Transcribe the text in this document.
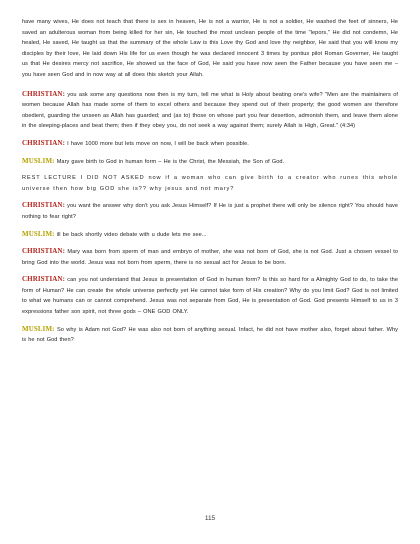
have many wives, He does not teach that there is sex in heaven, He is not a warrior, He is not a soldier, He washed the feet of sinners, He saved an adulterous woman from being killed for her sin, He touched the most unclean people of the time "lepors," He did not condemn, He healed, He saved, He taught us that the summary of the whole Law is this Love thy God and love thy neighbor, He said that you will know my disciples by their love, He laid down His life for us even though he was declared innocent 3 times by pontius pilot Roman Governer, He taught us that He desires mercy not sacrifice, He showed us the face of God, He said you have now seen the Father because you have seen me – you have seen God and in now way at all does this sketch your Allah.

CHRISTIAN: you ask some any questions now then is my turn, tell me what is Holy about beating one's wife? "Men are the maintainers of women because Allah has made some of them to excel others and because they spend out of their property; the good women are therefore obedient, guarding the unseen as Allah has guarded; and (as to) those on whose part you fear desertion, admonish them, and leave them alone in the sleeping-places and beat them; then if they obey you, do not seek a way against them; surely Allah is High, Great." (4:34)

CHRISTIAN: I have 1000 more but lets move on now, I will be back when possible.

MUSLIM: Mary gave birth to God in human form – He is the Christ, the Messiah, the Son of God.

REST LECTURE I DID NOT ASKED now if a woman who can give birth to a creator who runes this whole universe then how big GOD she is?? why jesus and not mary?

CHRISTIAN: you want the answer why don't you ask Jesus Himself? If He is just a prophet there will only be silence right? You should have nothing to fear right?

MUSLIM: ill be back shortly video debate with u dude lets me see...

CHRISTIAN: Mary was born from sperm of man and embryo of mother, she was not born of God, she is not God. Just a chosen vessel to bring God into the world. Jesus was not born from sperm, there is no sexual act for Jesus to be born.

CHRISTIAN: can you not understand that Jesus is presentation of God in human form? Is this so hard for a Almighty God to do, to take the form of Human? He can create the whole universe perfectly yet He cannot take form of His creation? Why do you limit God? God is not limited to what we humans can or cannot comprehend. Jesus was not separate from God, He is presentation of God. God presents Himself to us in 3 expressions father son spirit, not three gods – ONE GOD ONLY.

MUSLIM: So why is Adam not God? He was also not born of anything sexual. Infact, he did not have mother also, forget about father. Why is he not God then?

115
